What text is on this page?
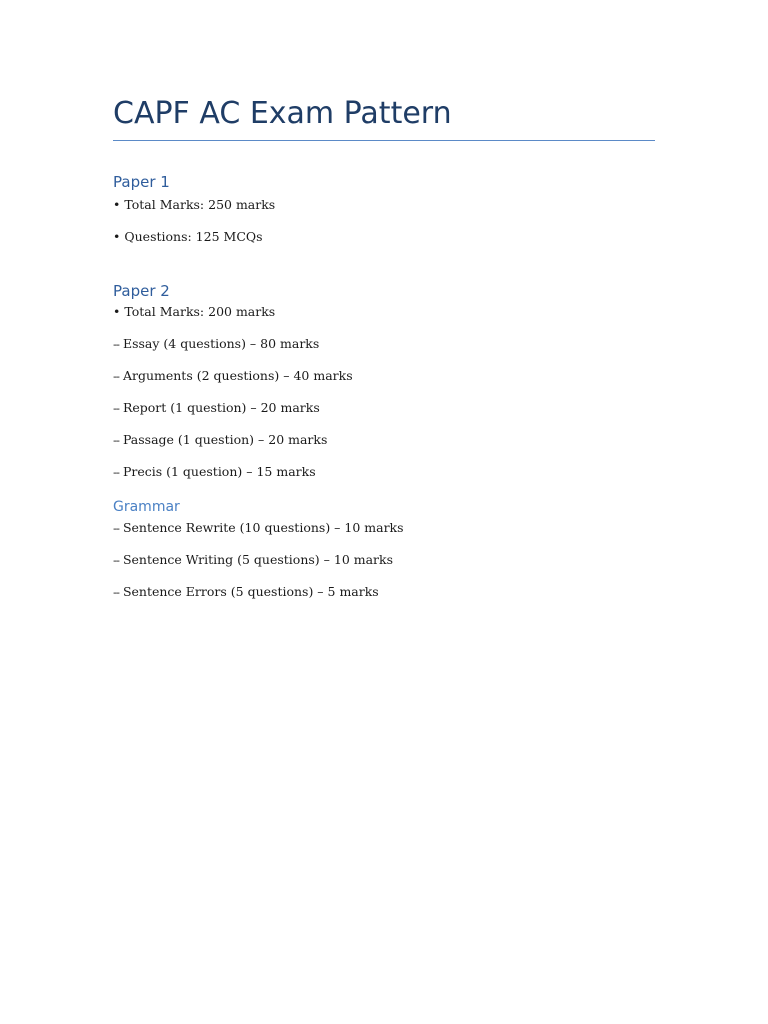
CAPF AC Exam Pattern
Paper 1
• Total Marks: 250 marks
• Questions: 125 MCQs
Paper 2
• Total Marks: 200 marks
-- Essay (4 questions) – 80 marks
-- Arguments (2 questions) – 40 marks
-- Report (1 question) – 20 marks
-- Passage (1 question) – 20 marks
-- Precis (1 question) – 15 marks
Grammar
-- Sentence Rewrite (10 questions) – 10 marks
-- Sentence Writing (5 questions) – 10 marks
-- Sentence Errors (5 questions) – 5 marks
